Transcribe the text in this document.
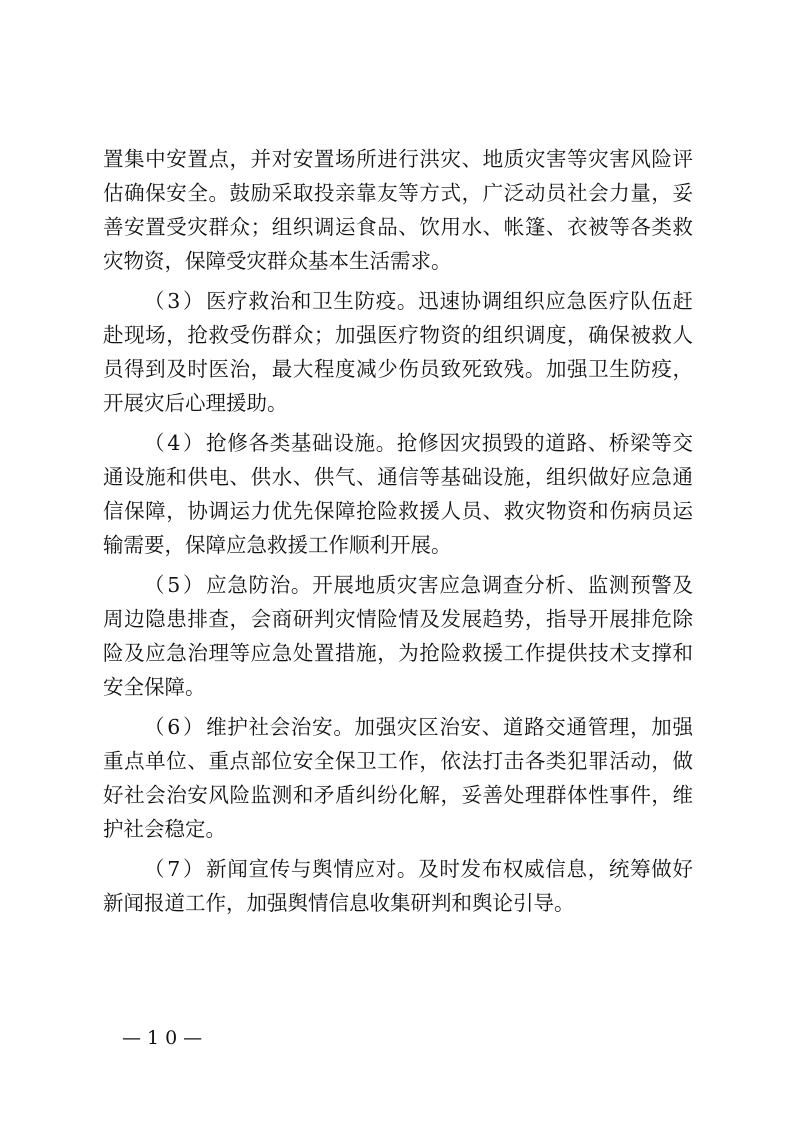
置集中安置点，并对安置场所进行洪灾、地质灾害等灾害风险评估确保安全。鼓励采取投亲靠友等方式，广泛动员社会力量，妥善安置受灾群众；组织调运食品、饮用水、帐篷、衣被等各类救灾物资，保障受灾群众基本生活需求。

（3）医疗救治和卫生防疫。迅速协调组织应急医疗队伍赶赴现场，抢救受伤群众；加强医疗物资的组织调度，确保被救人员得到及时医治，最大程度减少伤员致死致残。加强卫生防疫，开展灾后心理援助。

（4）抢修各类基础设施。抢修因灾损毁的道路、桥梁等交通设施和供电、供水、供气、通信等基础设施，组织做好应急通信保障，协调运力优先保障抢险救援人员、救灾物资和伤病员运输需要，保障应急救援工作顺利开展。

（5）应急防治。开展地质灾害应急调查分析、监测预警及周边隐患排查，会商研判灾情险情及发展趋势，指导开展排危除险及应急治理等应急处置措施，为抢险救援工作提供技术支撑和安全保障。

（6）维护社会治安。加强灾区治安、道路交通管理，加强重点单位、重点部位安全保卫工作，依法打击各类犯罪活动，做好社会治安风险监测和矛盾纠纷化解，妥善处理群体性事件，维护社会稳定。

（7）新闻宣传与舆情应对。及时发布权威信息，统筹做好新闻报道工作，加强舆情信息收集研判和舆论引导。

—10—
